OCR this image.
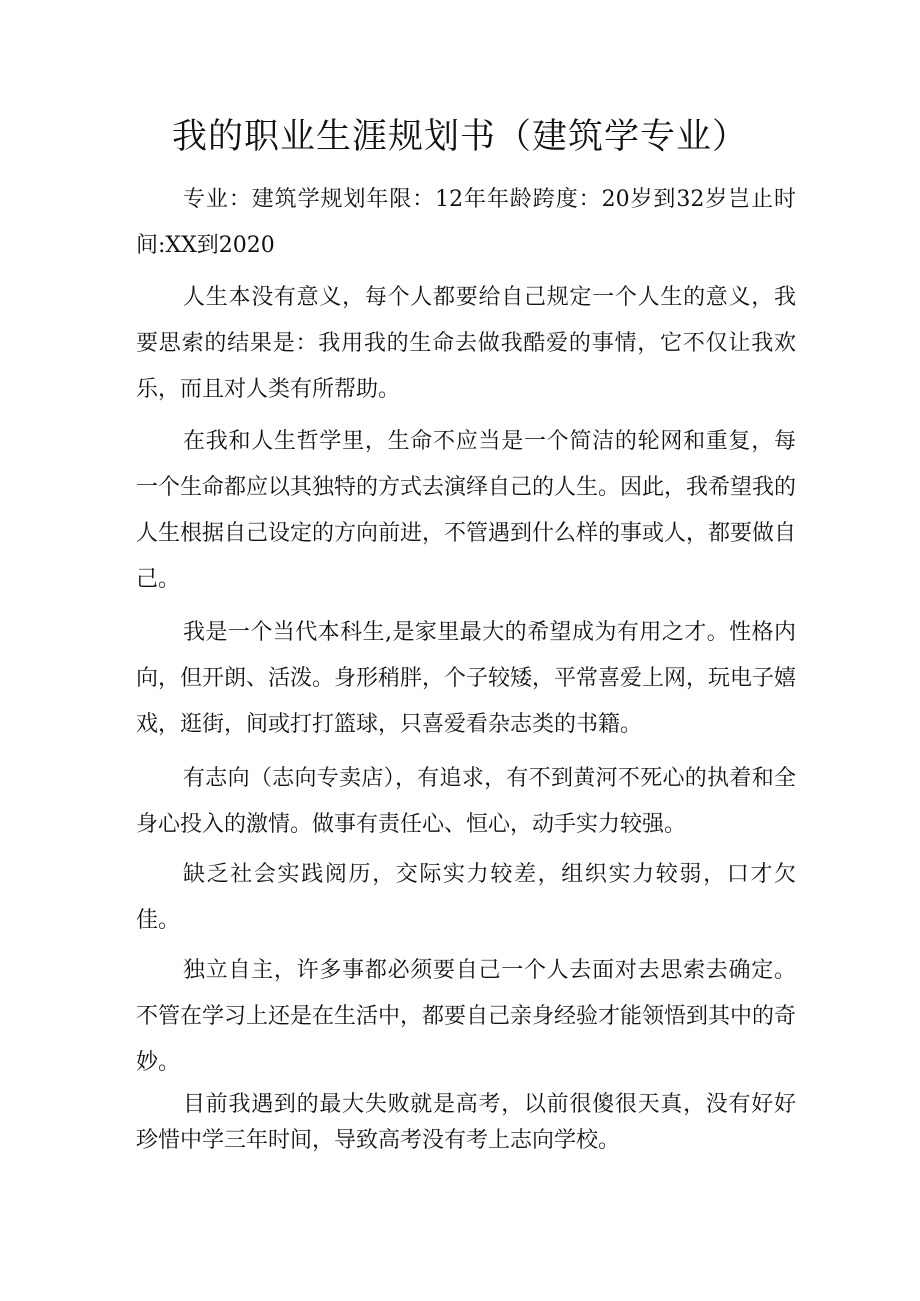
我的职业生涯规划书（建筑学专业）

专业：建筑学规划年限：12年年龄跨度：20岁到32岁岂止时间:XX到2020

人生本没有意义，每个人都要给自己规定一个人生的意义，我要思索的结果是：我用我的生命去做我酷爱的事情，它不仅让我欢乐，而且对人类有所帮助。

在我和人生哲学里，生命不应当是一个简洁的轮网和重复，每一个生命都应以其独特的方式去演绎自己的人生。因此，我希望我的人生根据自己设定的方向前进，不管遇到什么样的事或人，都要做自己。

我是一个当代本科生,是家里最大的希望成为有用之才。性格内向，但开朗、活泼。身形稍胖，个子较矮，平常喜爱上网，玩电子嬉戏，逛街，间或打打篮球，只喜爱看杂志类的书籍。

有志向（志向专卖店），有追求，有不到黄河不死心的执着和全身心投入的激情。做事有责任心、恒心，动手实力较强。

缺乏社会实践阅历，交际实力较差，组织实力较弱，口才欠佳。

独立自主，许多事都必须要自己一个人去面对去思索去确定。不管在学习上还是在生活中，都要自己亲身经验才能领悟到其中的奇妙。

目前我遇到的最大失败就是高考，以前很傻很天真，没有好好珍惜中学三年时间，导致高考没有考上志向学校。
